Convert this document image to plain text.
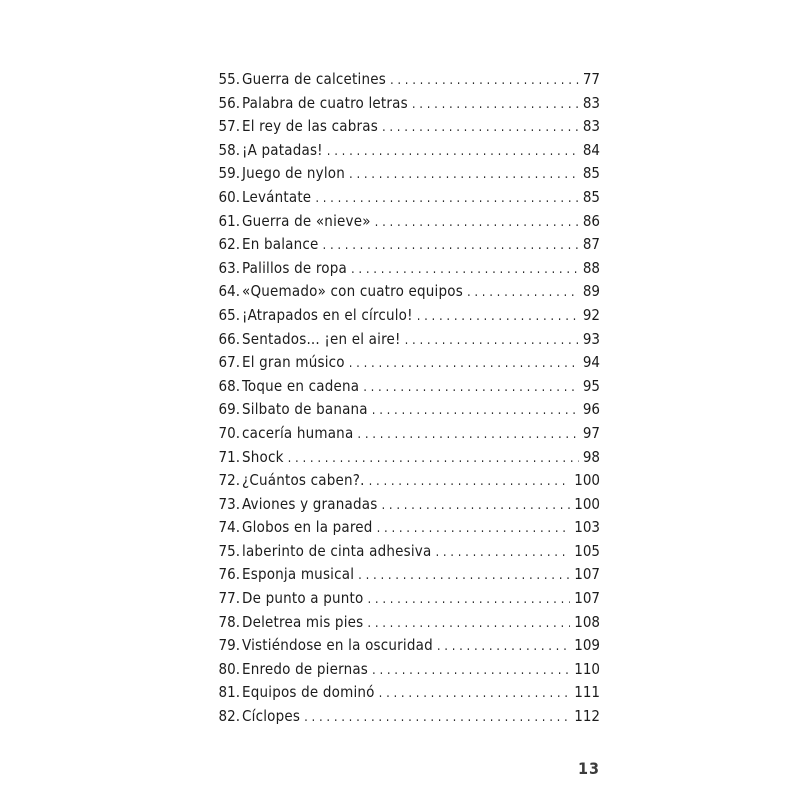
55. Guerra de calcetines . . .	77
56. Palabra de cuatro letras . . .	83
57. El rey de las cabras . . .	83
58. ¡A patadas! . . .	84
59. Juego de nylon . . .	85
60. Levántate . . .	85
61. Guerra de «nieve» . . .	86
62. En balance . . .	87
63. Palillos de ropa . . .	88
64. «Quemado» con cuatro equipos . . .	89
65. ¡Atrapados en el círculo! . . .	92
66. Sentados... ¡en el aire! . . .	93
67. El gran músico . . .	94
68. Toque en cadena . . .	95
69. Silbato de banana . . .	96
70. cacería humana . . .	97
71. Shock . . .	98
72. ¿Cuántos caben?. . . .	100
73. Aviones y granadas . . .	100
74. Globos en la pared . . .	103
75. laberinto de cinta adhesiva . . .	105
76. Esponja musical . . .	107
77. De punto a punto . . .	107
78. Deletrea mis pies . . .	108
79. Vistiéndose en la oscuridad . . .	109
80. Enredo de piernas . . .	110
81. Equipos de dominó . . .	111
82. Cíclopes . . .	112
13
